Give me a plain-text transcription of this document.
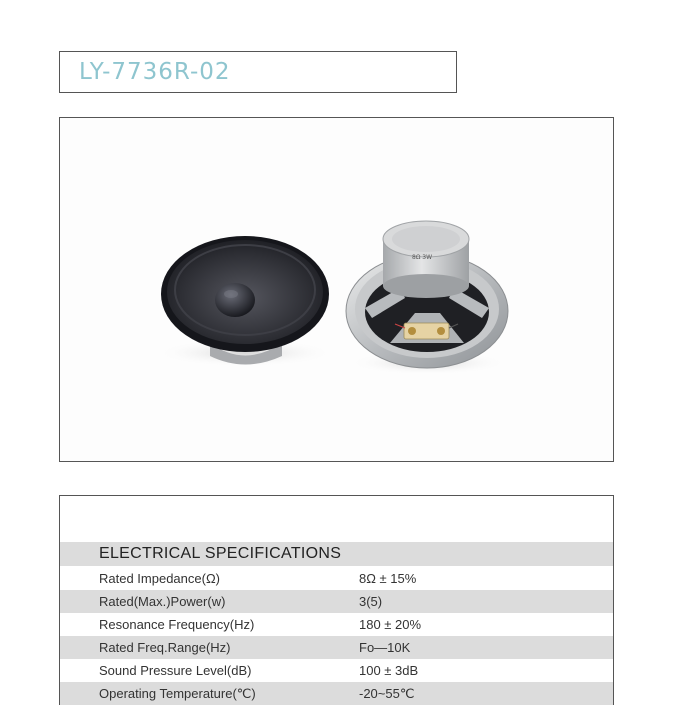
LY-7736R-02
8Ω 3W
ELECTRICAL SPECIFICATIONS
Rated Impedance(Ω)	8Ω ± 15%
Rated(Max.)Power(w)	3(5)
Resonance Frequency(Hz)	180 ± 20%
Rated Freq.Range(Hz)	Fo—10K
Sound Pressure Level(dB)	100 ± 3dB
Operating Temperature(℃)	-20~55℃
